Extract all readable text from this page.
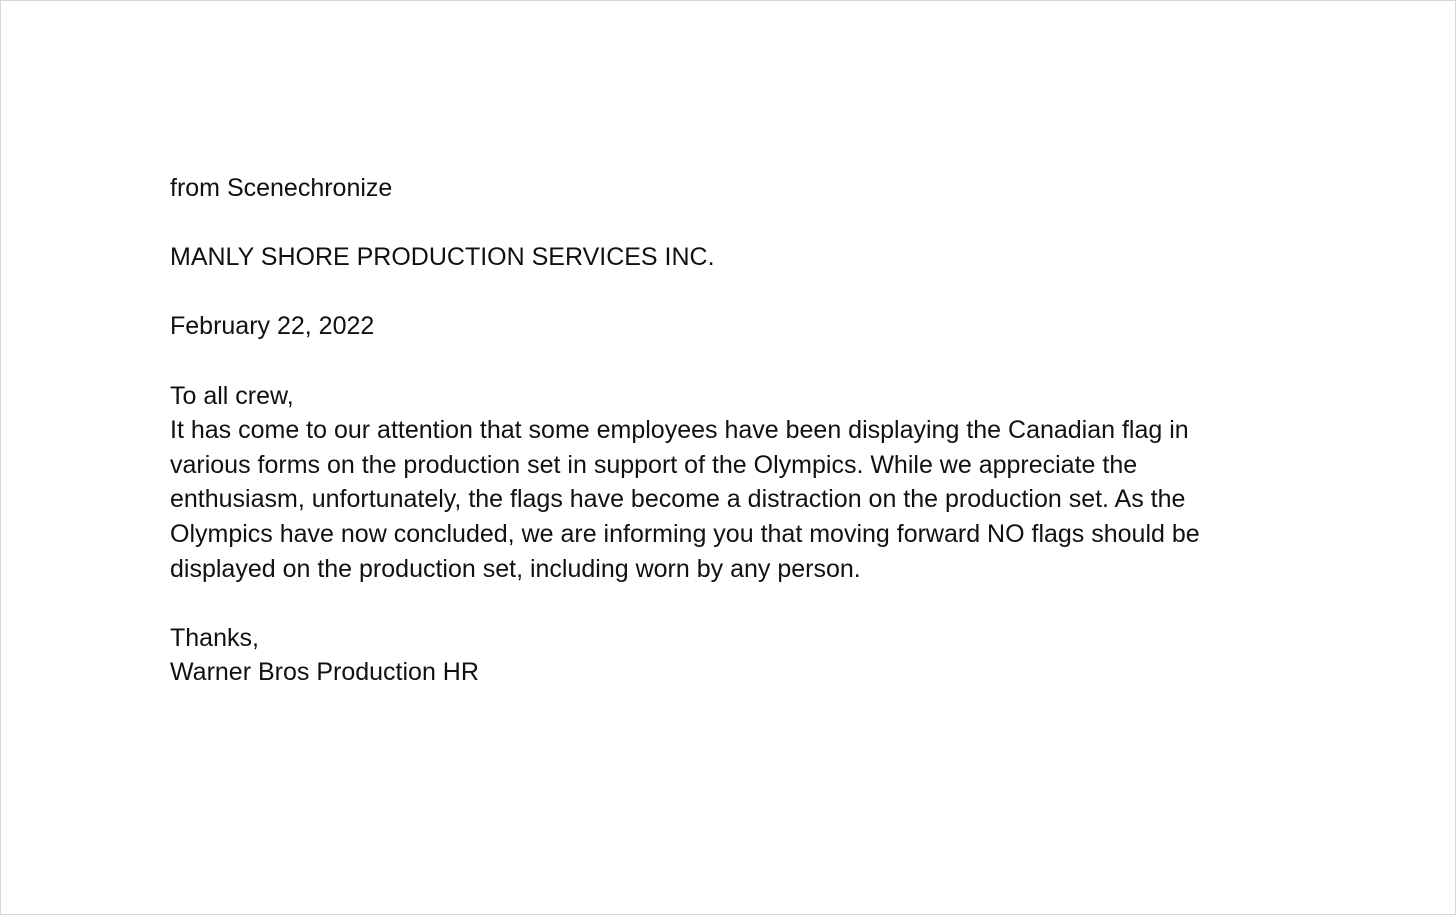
from Scenechronize

MANLY SHORE PRODUCTION SERVICES INC.

February 22, 2022

To all crew,

It has come to our attention that some employees have been displaying the Canadian flag in
various forms on the production set in support of the Olympics. While we appreciate the
enthusiasm, unfortunately, the flags have become a distraction on the production set. As the
Olympics have now concluded, we are informing you that moving forward NO flags should be
displayed on the production set, including worn by any person.

Thanks,

Warner Bros Production HR
